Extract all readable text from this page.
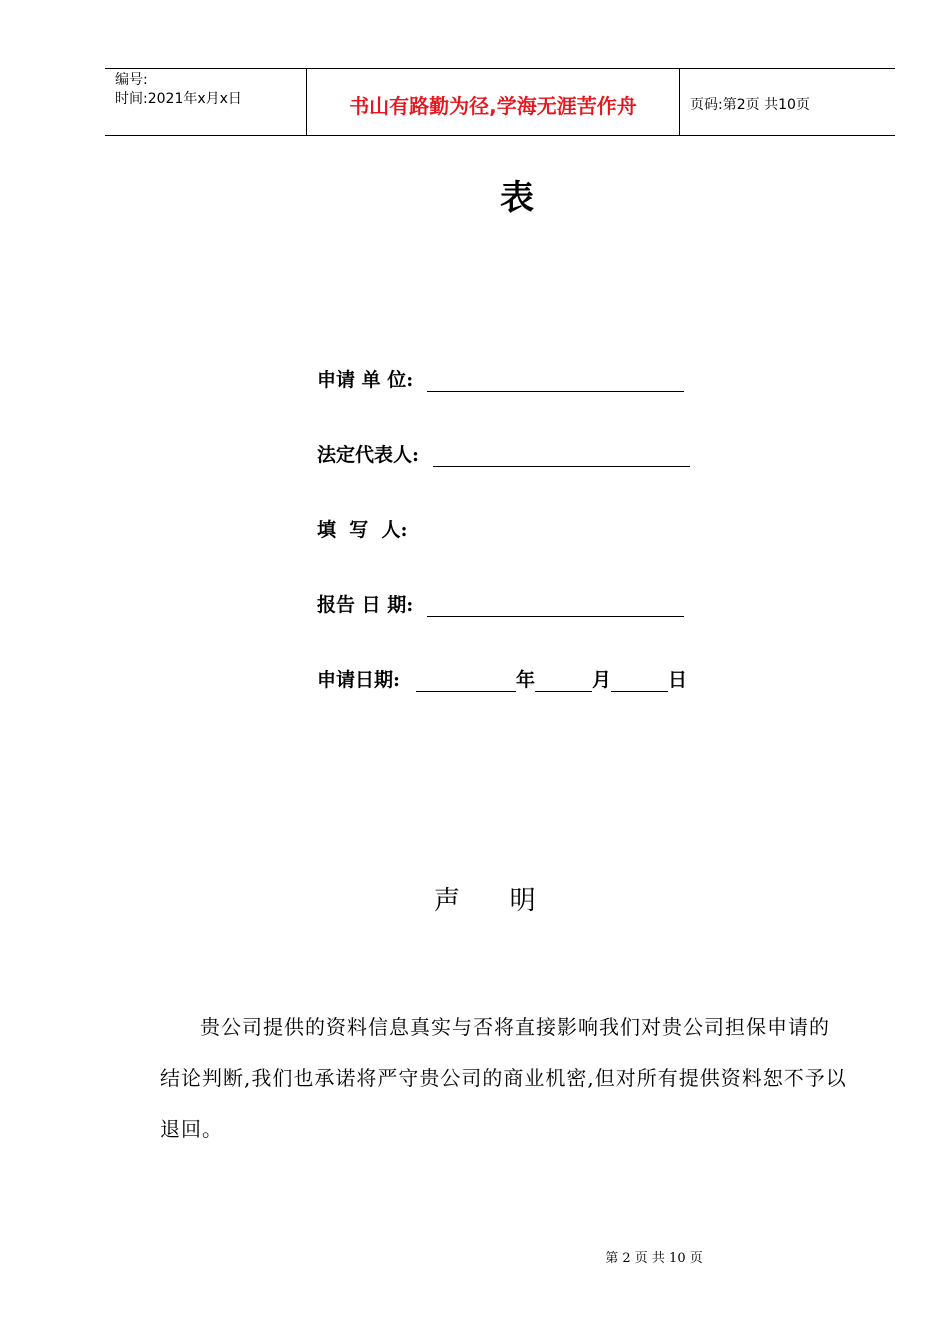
编号:
时间:2021年x月x日	书山有路勤为径,学海无涯苦作舟	页码:第2页 共10页
表
申请 单 位:
法定代表人:
填  写  人:
报告 日 期:
申请日期:	年	月	日
声      明
贵公司提供的资料信息真实与否将直接影响我们对贵公司担保申请的结论判断,我们也承诺将严守贵公司的商业机密,但对所有提供资料恕不予以退回。
第 2 页 共 10 页
